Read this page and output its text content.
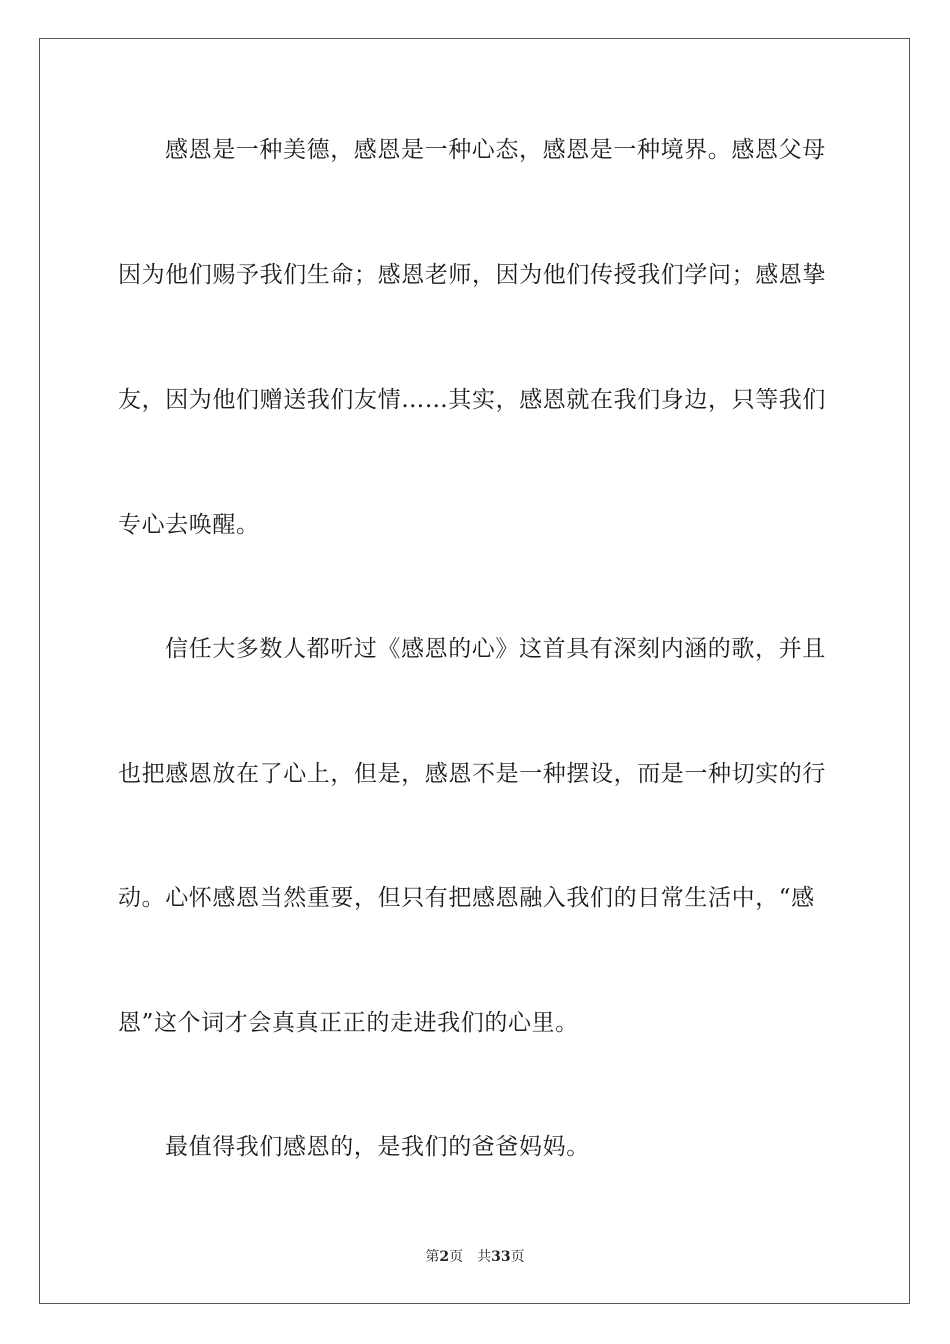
感恩是一种美德，感恩是一种心态，感恩是一种境界。感恩父母
因为他们赐予我们生命；感恩老师，因为他们传授我们学问；感恩挚
友，因为他们赠送我们友情……其实，感恩就在我们身边，只等我们
专心去唤醒。
信任大多数人都听过《感恩的心》这首具有深刻内涵的歌，并且
也把感恩放在了心上，但是，感恩不是一种摆设，而是一种切实的行
动。心怀感恩当然重要，但只有把感恩融入我们的日常生活中，“感
恩”这个词才会真真正正的走进我们的心里。
最值得我们感恩的，是我们的爸爸妈妈。
第2页 共33页
